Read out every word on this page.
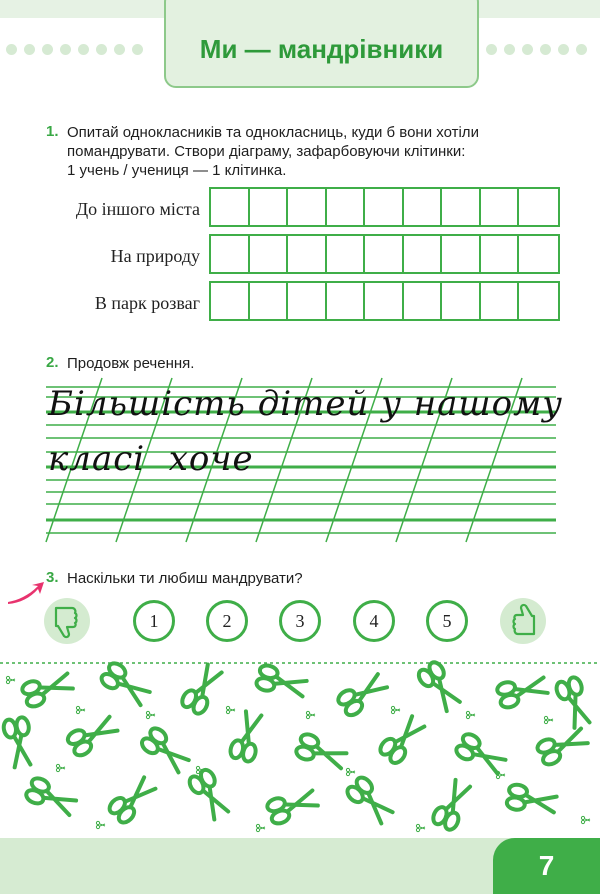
Ми — мандрівники
1. Опитай однокласників та однокласниць, куди б вони хотіли
помандрувати. Створи діаграму, зафарбовуючи клітинки:
1 учень / учениця — 1 клітинка.
До іншого міста
На природу
В парк розваг
2. Продовж речення.
Більшість дітей у нашому
класі  хоче
3. Наскільки ти любиш мандрувати?
1	2	3	4	5
7
